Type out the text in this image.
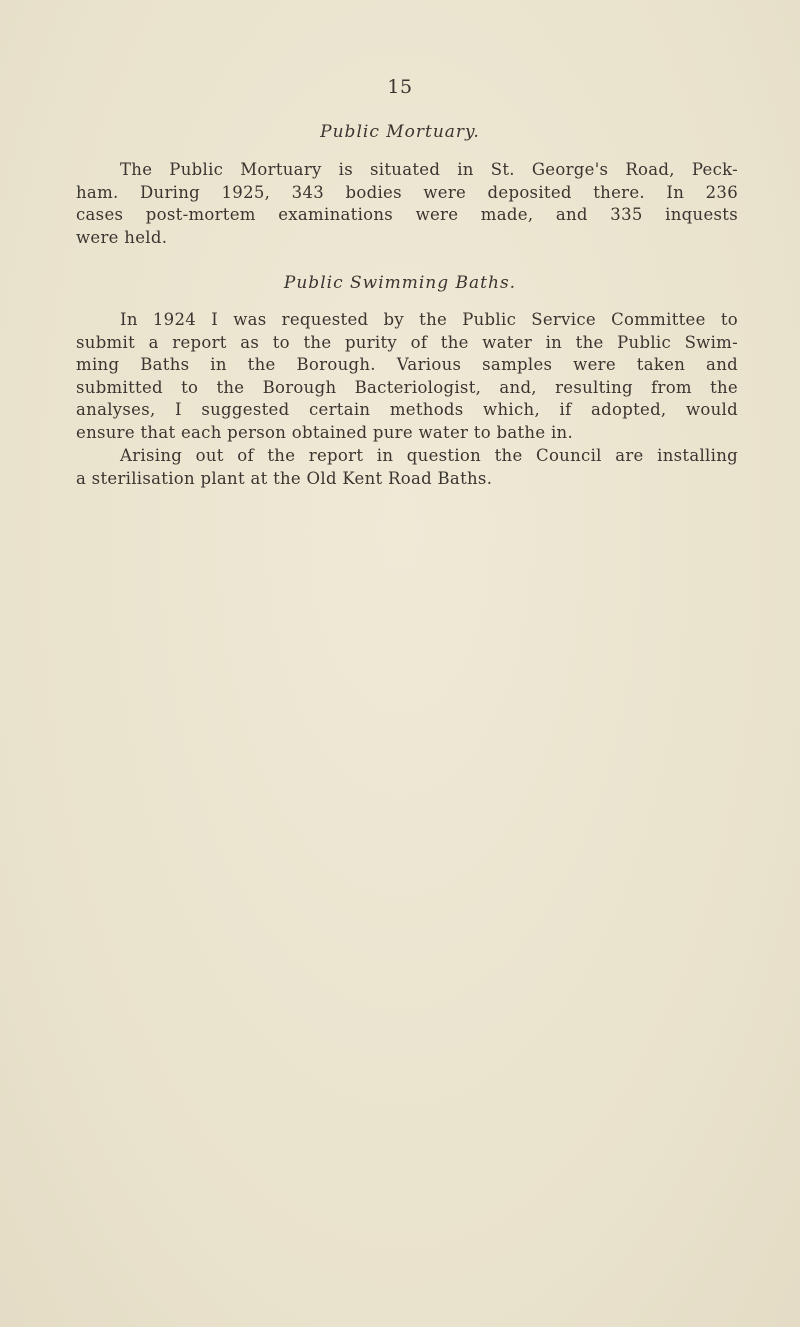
15
Public Mortuary.
The Public Mortuary is situated in St. George's Road, Peck-
ham. During 1925, 343 bodies were deposited there. In 236
cases post-mortem examinations were made, and 335 inquests
were held.
Public Swimming Baths.
In 1924 I was requested by the Public Service Committee to
submit a report as to the purity of the water in the Public Swim-
ming Baths in the Borough. Various samples were taken and
submitted to the Borough Bacteriologist, and, resulting from the
analyses, I suggested certain methods which, if adopted, would
ensure that each person obtained pure water to bathe in.
Arising out of the report in question the Council are installing
a sterilisation plant at the Old Kent Road Baths.
